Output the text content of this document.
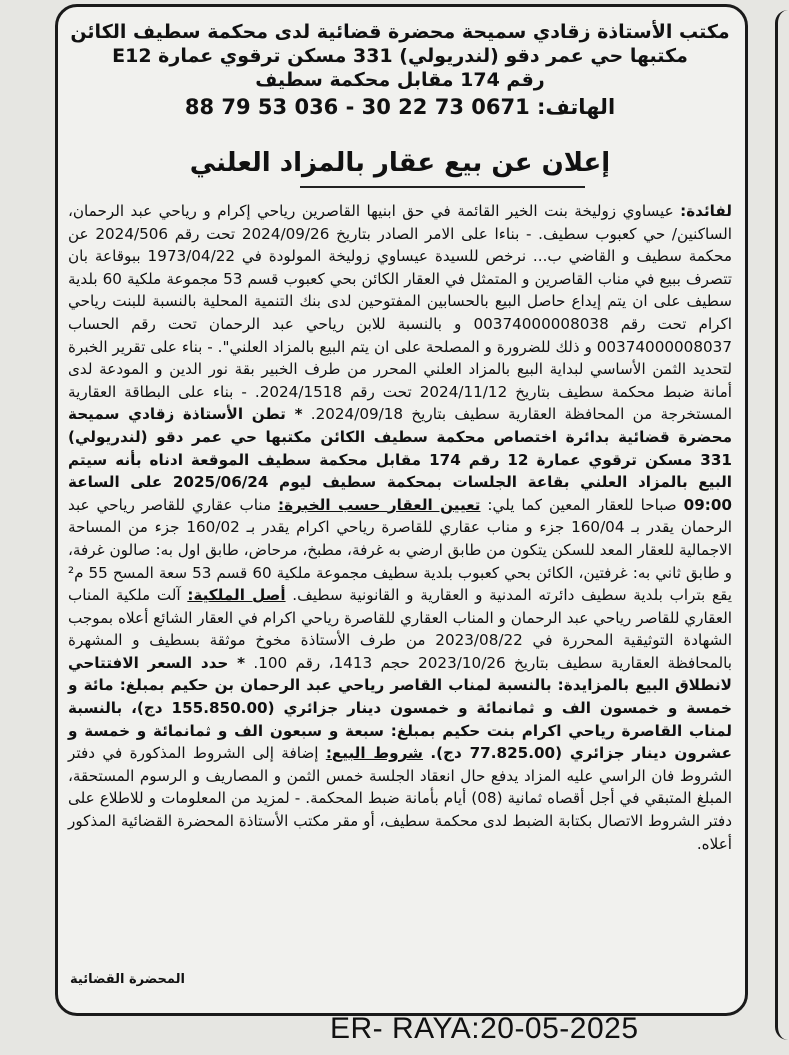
مكتب الأستاذة زقادي سميحة محضرة قضائية لدى محكمة سطيف الكائن
مكتبها حي عمر دقو (لندريولي) 331 مسكن ترقوي عمارة E12
رقم 174 مقابل محكمة سطيف
الهاتف: 88 79 53 036 - 30 22 73 0671
إعلان عن بيع عقار بالمزاد العلني
لفائدة: عيساوي زوليخة بنت الخير القائمة في حق ابنيها القاصرين رياحي إكرام و رياحي عبد الرحمان، الساكنين/ حي كعبوب سطيف. - بناءا على الامر الصادر بتاريخ 2024/09/26 تحت رقم 2024/506 عن محكمة سطيف و القاضي ب... نرخص للسيدة عيساوي زوليخة المولودة في 1973/04/22 ببوقاعة بان تتصرف ببيع في مناب القاصرين و المتمثل في العقار الكائن بحي كعبوب قسم 53 مجموعة ملكية 60 بلدية سطيف على ان يتم إيداع حاصل البيع بالحسابين المفتوحين لدى بنك التنمية المحلية بالنسبة للبنت رياحي اكرام تحت رقم 00374000008038 و بالنسبة للابن رياحي عبد الرحمان تحت رقم الحساب 00374000008037 و ذلك للضرورة و المصلحة على ان يتم البيع بالمزاد العلني". - بناء على تقرير الخبرة لتحديد الثمن الأساسي لبداية البيع بالمزاد العلني المحرر من طرف الخبير بقة نور الدين و المودعة لدى أمانة ضبط محكمة سطيف بتاريخ 2024/11/12 تحت رقم 2024/1518. - بناء على البطاقة العقارية المستخرجة من المحافظة العقارية سطيف بتاريخ 2024/09/18. * تطن الأستاذة زقادي سميحة محضرة قضائية بدائرة اختصاص محكمة سطيف الكائن مكتبها حي عمر دقو (لندريولي) 331 مسكن ترقوي عمارة 12 رقم 174 مقابل محكمة سطيف الموقعة ادناه بأنه سيتم البيع بالمزاد العلني بقاعة الجلسات بمحكمة سطيف ليوم 2025/06/24 على الساعة 09:00 صباحا للعقار المعين كما يلي: تعيين العقار حسب الخبرة: مناب عقاري للقاصر رياحي عبد الرحمان يقدر بـ 160/04 جزء و مناب عقاري للقاصرة رياحي اكرام يقدر بـ 160/02 جزء من المساحة الاجمالية للعقار المعد للسكن يتكون من طابق ارضي به غرفة، مطبخ، مرحاض، طابق اول به: صالون غرفة، و طابق ثاني به: غرفتين، الكائن بحي كعبوب بلدية سطيف مجموعة ملكية 60 قسم 53 سعة المسح 55 م² يقع بتراب بلدية سطيف دائرته المدنية و العقارية و القانونية سطيف. أصل الملكية: آلت ملكية المناب العقاري للقاصر رياحي عبد الرحمان و المناب العقاري للقاصرة رياحي اكرام في العقار الشائع أعلاه بموجب الشهادة التوثيقية المحررة في 2023/08/22 من طرف الأستاذة مخوخ موثقة بسطيف و المشهرة بالمحافظة العقارية سطيف بتاريخ 2023/10/26 حجم 1413، رقم 100. * حدد السعر الافتتاحي لانطلاق البيع بالمزايدة: بالنسبة لمناب القاصر رياحي عبد الرحمان بن حكيم بمبلغ: مائة و خمسة و خمسون الف و ثمانمائة و خمسون دينار جزائري (155.850.00 دج)، بالنسبة لمناب القاصرة رياحي اكرام بنت حكيم بمبلغ: سبعة و سبعون الف و ثمانمائة و خمسة و عشرون دينار جزائري (77.825.00 دج). شروط البيع: إضافة إلى الشروط المذكورة في دفتر الشروط فان الراسي عليه المزاد يدفع حال انعقاد الجلسة خمس الثمن و المصاريف و الرسوم المستحقة، المبلغ المتبقي في أجل أقصاه ثمانية (08) أيام بأمانة ضبط المحكمة. - لمزيد من المعلومات و للاطلاع على دفتر الشروط الاتصال بكتابة الضبط لدى محكمة سطيف، أو مقر مكتب الأستاذة المحضرة القضائية المذكور أعلاه.
المحضرة القضائية
ER- RAYA:20-05-2025
